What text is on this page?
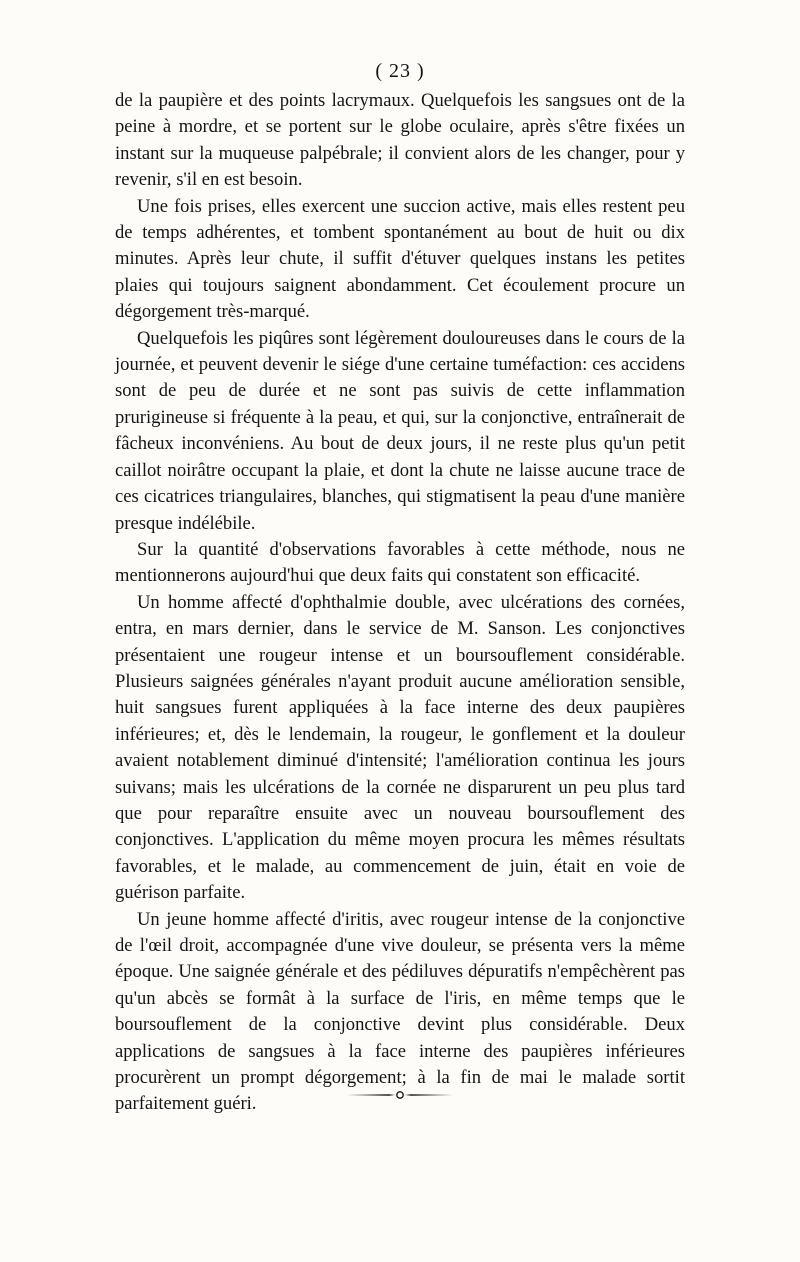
( 23 )

de la paupière et des points lacrymaux. Quelquefois les sangsues ont de la peine à mordre, et se portent sur le globe oculaire, après s'être fixées un instant sur la muqueuse palpébrale; il convient alors de les changer, pour y revenir, s'il en est besoin.

Une fois prises, elles exercent une succion active, mais elles restent peu de temps adhérentes, et tombent spontanément au bout de huit ou dix minutes. Après leur chute, il suffit d'étuver quelques instans les petites plaies qui toujours saignent abondamment. Cet écoulement procure un dégorgement très-marqué.

Quelquefois les piqûres sont légèrement douloureuses dans le cours de la journée, et peuvent devenir le siége d'une certaine tuméfaction: ces accidens sont de peu de durée et ne sont pas suivis de cette inflammation prurigineuse si fréquente à la peau, et qui, sur la conjonctive, entraînerait de fâcheux inconvéniens. Au bout de deux jours, il ne reste plus qu'un petit caillot noirâtre occupant la plaie, et dont la chute ne laisse aucune trace de ces cicatrices triangulaires, blanches, qui stigmatisent la peau d'une manière presque indélébile.

Sur la quantité d'observations favorables à cette méthode, nous ne mentionnerons aujourd'hui que deux faits qui constatent son efficacité.

Un homme affecté d'ophthalmie double, avec ulcérations des cornées, entra, en mars dernier, dans le service de M. Sanson. Les conjonctives présentaient une rougeur intense et un boursouflement considérable. Plusieurs saignées générales n'ayant produit aucune amélioration sensible, huit sangsues furent appliquées à la face interne des deux paupières inférieures; et, dès le lendemain, la rougeur, le gonflement et la douleur avaient notablement diminué d'intensité; l'amélioration continua les jours suivans; mais les ulcérations de la cornée ne disparurent un peu plus tard que pour reparaître ensuite avec un nouveau boursouflement des conjonctives. L'application du même moyen procura les mêmes résultats favorables, et le malade, au commencement de juin, était en voie de guérison parfaite.

Un jeune homme affecté d'iritis, avec rougeur intense de la conjonctive de l'œil droit, accompagnée d'une vive douleur, se présenta vers la même époque. Une saignée générale et des pédiluves dépuratifs n'empêchèrent pas qu'un abcès se formât à la surface de l'iris, en même temps que le boursouflement de la conjonctive devint plus considérable. Deux applications de sangsues à la face interne des paupières inférieures procurèrent un prompt dégorgement; à la fin de mai le malade sortit parfaitement guéri.
